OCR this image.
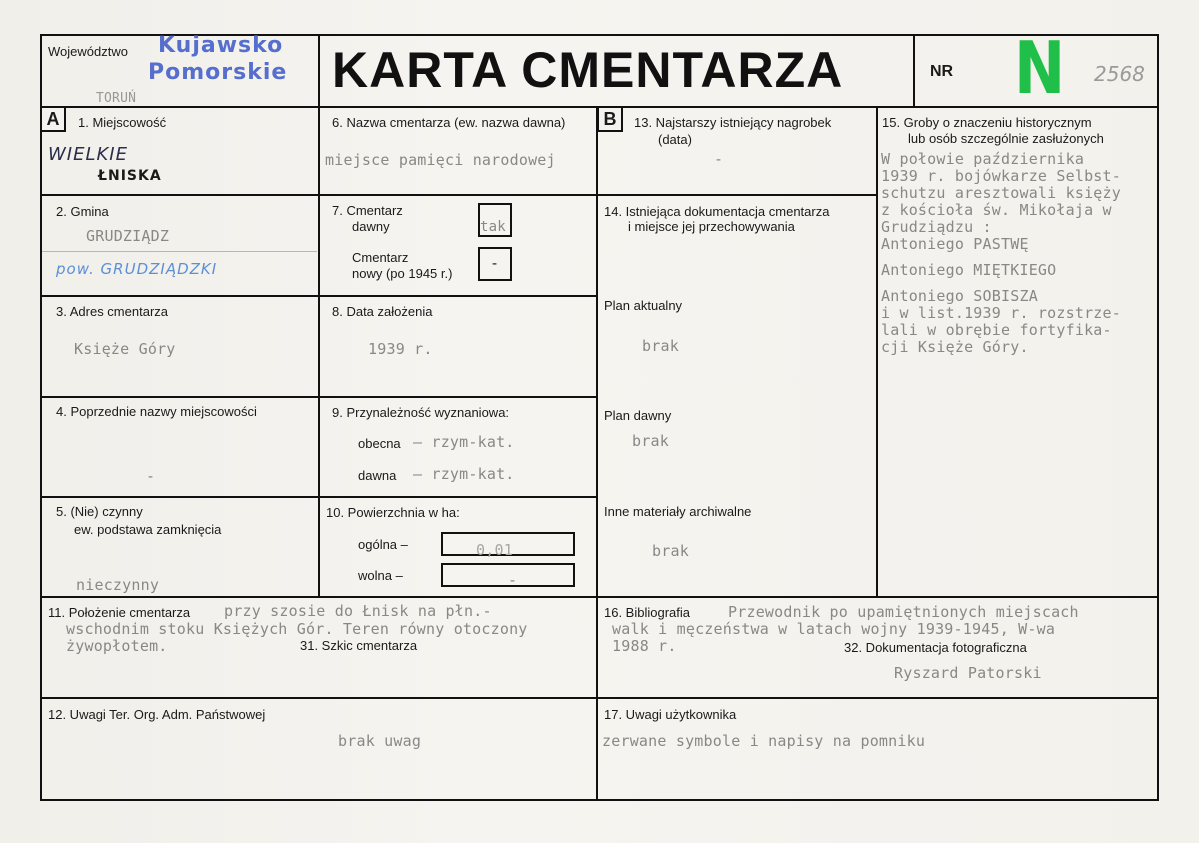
Województwo Kujawsko
Pomorskie
TORUŃ
KARTA CMENTARZA	NR N 2568
A	B
1. Miejscowość
WIELKIE
ŁNISKA
2. Gmina
GRUDZIĄDZ
pow. GRUDZIĄDZKI
3. Adres cmentarza
Księże Góry
4. Poprzednie nazwy miejscowości
-
5. (Nie) czynny
ew. podstawa zamknięcia
nieczynny
6. Nazwa cmentarza (ew. nazwa dawna)
miejsce pamięci narodowej
7. Cmentarz
dawny	tak
Cmentarz
nowy (po 1945 r.)
-
8. Data założenia
1939 r.
9. Przynależność wyznaniowa:
obecna – rzym-kat.
dawna – rzym-kat.
10. Powierzchnia w ha:
ogólna –	0,01
wolna –	-
11. Położenie cmentarza przy szosie do Łnisk na płn.-
wschodnim stoku Księżych Gór. Teren równy otoczony
żywopłotem.	31. Szkic cmentarza
12. Uwagi Ter. Org. Adm. Państwowej
brak uwag
13. Najstarszy istniejący nagrobek
(data)
-
14. Istniejąca dokumentacja cmentarza
i miejsce jej przechowywania
Plan aktualny
brak
Plan dawny
brak
Inne materiały archiwalne
brak
15. Groby o znaczeniu historycznym
lub osób szczególnie zasłużonych
W połowie października
1939 r. bojówkarze Selbst-
schutzu aresztowali księży
z kościoła św. Mikołaja w
Grudziądzu :
Antoniego PASTWĘ
Antoniego MIĘTKIEGO
Antoniego SOBISZA
i w list.1939 r. rozstrze-
lali w obrębie fortyfika-
cji Księże Góry.
16. Bibliografia	Przewodnik po upamiętnionych miejscach
walk i męczeństwa w latach wojny 1939-1945, W-wa
1988 r.	32. Dokumentacja fotograficzna
Ryszard Patorski
17. Uwagi użytkownika
zerwane symbole i napisy na pomniku
